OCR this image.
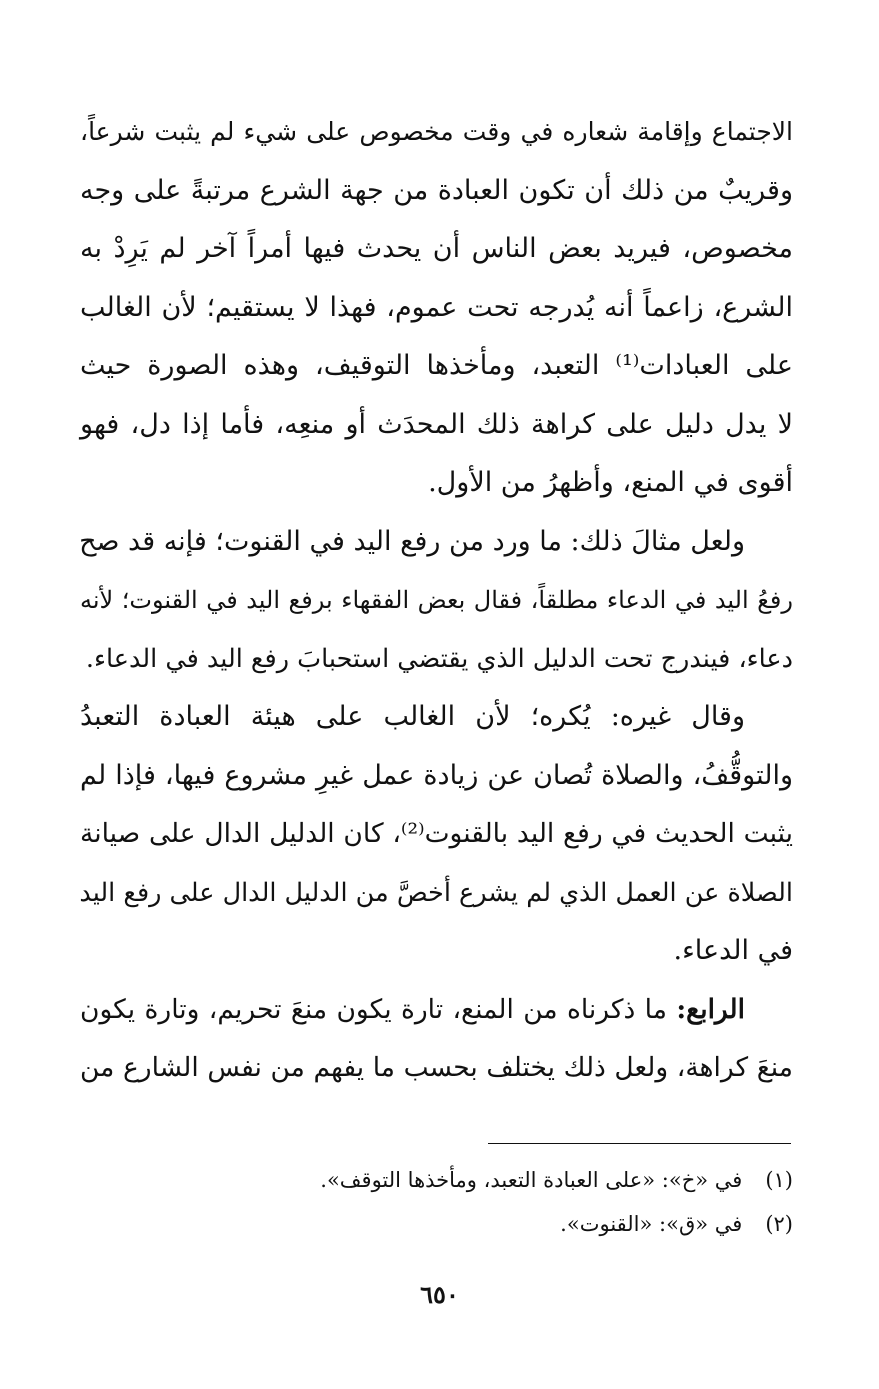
الاجتماع وإقامة شعاره في وقت مخصوص على شيء لم يثبت شرعاً،
وقريبٌ من ذلك أن تكون العبادة من جهة الشرع مرتبةً على وجه
مخصوص، فيريد بعض الناس أن يحدث فيها أمراً آخر لم يَرِدْ به
الشرع، زاعماً أنه يُدرجه تحت عموم، فهذا لا يستقيم؛ لأن الغالب
على العبادات⁽¹⁾ التعبد، ومأخذها التوقيف، وهذه الصورة حيث
لا يدل دليل على كراهة ذلك المحدَث أو منعِه، فأما إذا دل، فهو
أقوى في المنع، وأظهرُ من الأول.

ولعل مثالَ ذلك: ما ورد من رفع اليد في القنوت؛ فإنه قد صح
رفعُ اليد في الدعاء مطلقاً، فقال بعض الفقهاء برفع اليد في القنوت؛ لأنه
دعاء، فيندرج تحت الدليل الذي يقتضي استحبابَ رفع اليد في الدعاء.

وقال غيره: يُكره؛ لأن الغالب على هيئة العبادة التعبدُ
والتوقُّفُ، والصلاة تُصان عن زيادة عمل غيرِ مشروع فيها، فإذا لم
يثبت الحديث في رفع اليد بالقنوت⁽²⁾، كان الدليل الدال على صيانة
الصلاة عن العمل الذي لم يشرع أخصَّ من الدليل الدال على رفع اليد
في الدعاء.

الرابع: ما ذكرناه من المنع، تارة يكون منعَ تحريم، وتارة يكون
منعَ كراهة، ولعل ذلك يختلف بحسب ما يفهم من نفس الشارع من

(١) في «خ»: «على العبادة التعبد، ومأخذها التوقف».
(٢) في «ق»: «القنوت».
٦٥٠
